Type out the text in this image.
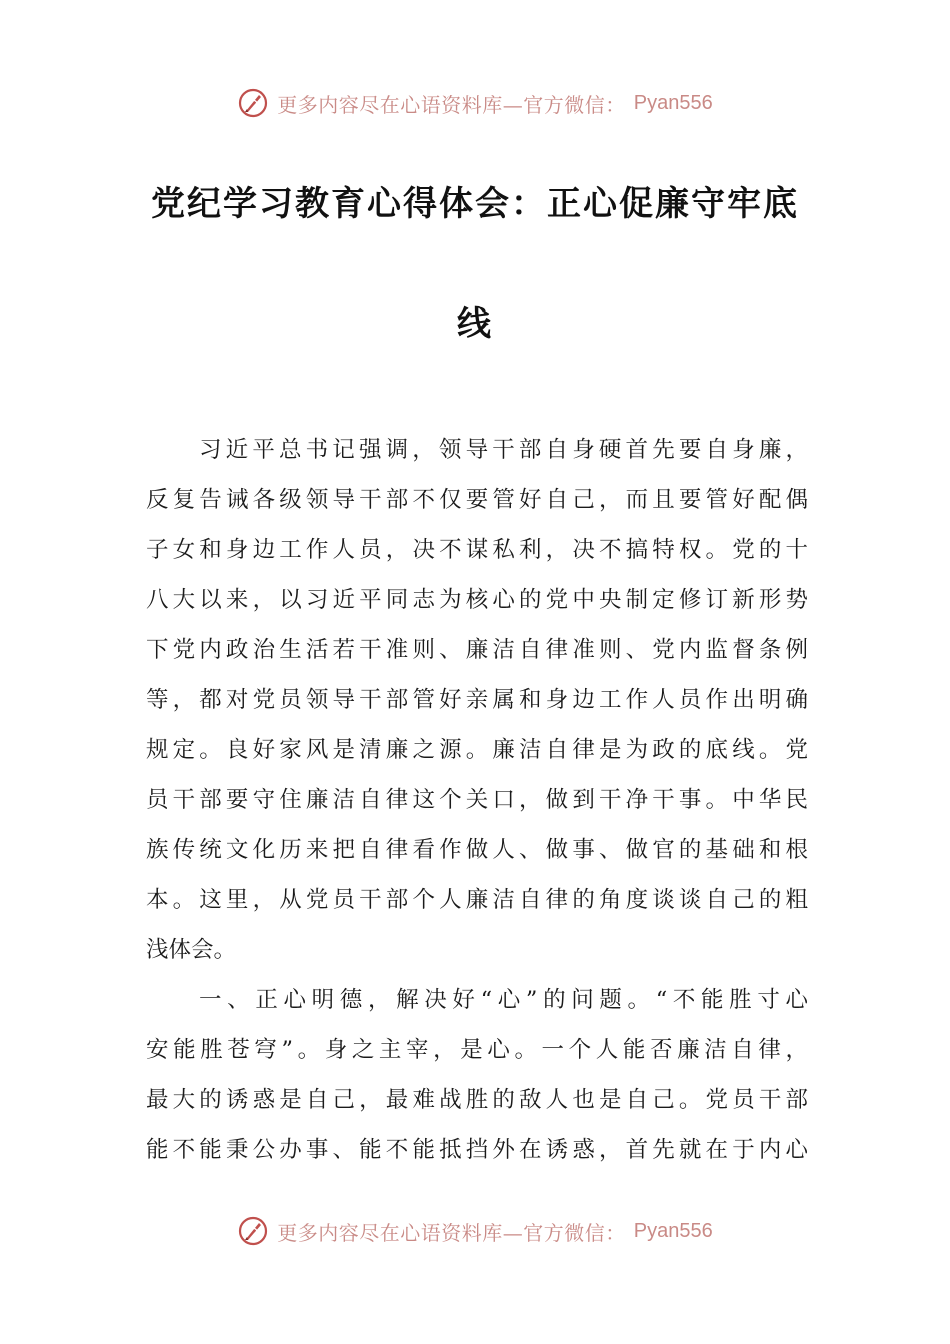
更多内容尽在心语资料库—官方微信： Pyan556
党纪学习教育心得体会：正心促廉守牢底
线
习近平总书记强调，领导干部自身硬首先要自身廉，
反复告诫各级领导干部不仅要管好自己，而且要管好配偶
子女和身边工作人员，决不谋私利，决不搞特权。党的十
八大以来，以习近平同志为核心的党中央制定修订新形势
下党内政治生活若干准则、廉洁自律准则、党内监督条例
等，都对党员领导干部管好亲属和身边工作人员作出明确
规定。良好家风是清廉之源。廉洁自律是为政的底线。党
员干部要守住廉洁自律这个关口，做到干净干事。中华民
族传统文化历来把自律看作做人、做事、做官的基础和根
本。这里，从党员干部个人廉洁自律的角度谈谈自己的粗
浅体会。
一、正心明德，解决好“心”的问题。“不能胜寸心
安能胜苍穹”。身之主宰，是心。一个人能否廉洁自律，
最大的诱惑是自己，最难战胜的敌人也是自己。党员干部
能不能秉公办事、能不能抵挡外在诱惑，首先就在于内心
更多内容尽在心语资料库—官方微信： Pyan556
